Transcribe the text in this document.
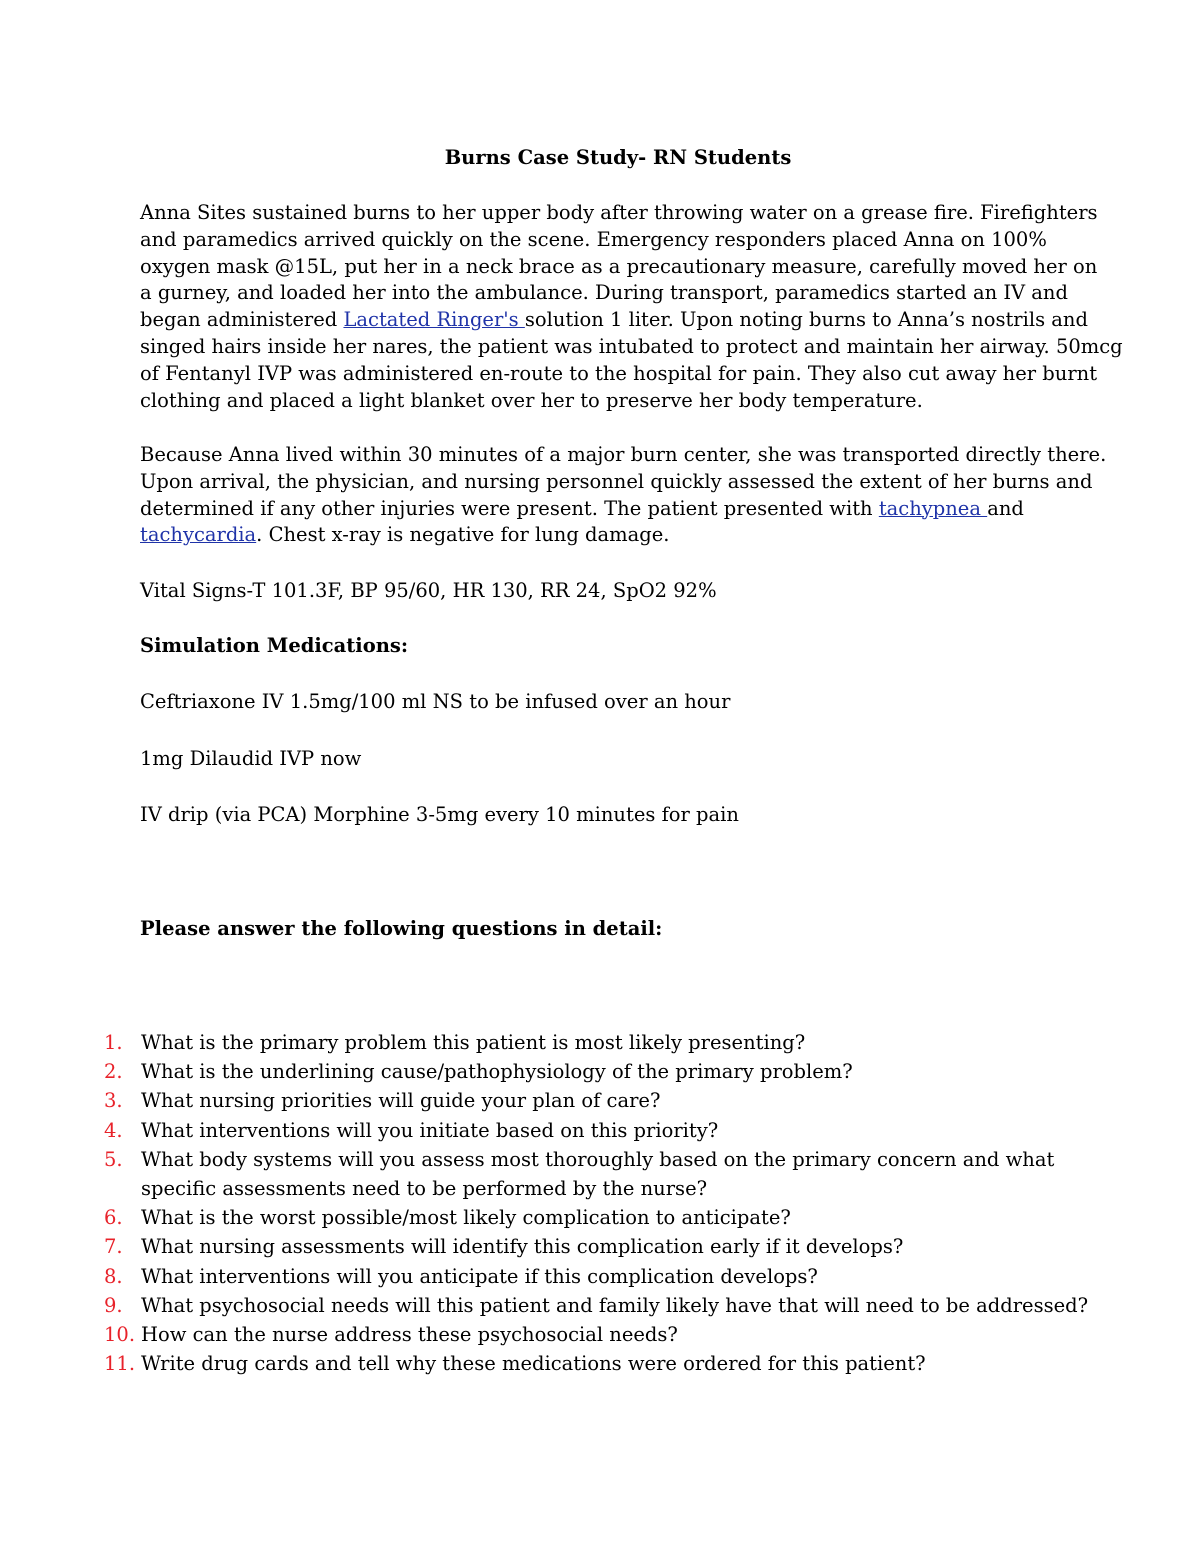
Burns Case Study- RN Students
Anna Sites sustained burns to her upper body after throwing water on a grease fire. Firefighters
and paramedics arrived quickly on the scene. Emergency responders placed Anna on 100%
oxygen mask @15L, put her in a neck brace as a precautionary measure, carefully moved her on
a gurney, and loaded her into the ambulance. During transport, paramedics started an IV and
began administered Lactated Ringer's solution 1 liter. Upon noting burns to Anna’s nostrils and
singed hairs inside her nares, the patient was intubated to protect and maintain her airway. 50mcg
of Fentanyl IVP was administered en-route to the hospital for pain. They also cut away her burnt
clothing and placed a light blanket over her to preserve her body temperature.
Because Anna lived within 30 minutes of a major burn center, she was transported directly there.
Upon arrival, the physician, and nursing personnel quickly assessed the extent of her burns and
determined if any other injuries were present. The patient presented with tachypnea and
tachycardia. Chest x-ray is negative for lung damage.
Vital Signs-T 101.3F, BP 95/60, HR 130, RR 24, SpO2 92%
Simulation Medications:
Ceftriaxone IV 1.5mg/100 ml NS to be infused over an hour
1mg Dilaudid IVP now
IV drip (via PCA) Morphine 3-5mg every 10 minutes for pain
Please answer the following questions in detail:
1. What is the primary problem this patient is most likely presenting?
2. What is the underlining cause/pathophysiology of the primary problem?
3. What nursing priorities will guide your plan of care?
4. What interventions will you initiate based on this priority?
5. What body systems will you assess most thoroughly based on the primary concern and what
specific assessments need to be performed by the nurse?
6. What is the worst possible/most likely complication to anticipate?
7. What nursing assessments will identify this complication early if it develops?
8. What interventions will you anticipate if this complication develops?
9. What psychosocial needs will this patient and family likely have that will need to be addressed?
10. How can the nurse address these psychosocial needs?
11. Write drug cards and tell why these medications were ordered for this patient?
